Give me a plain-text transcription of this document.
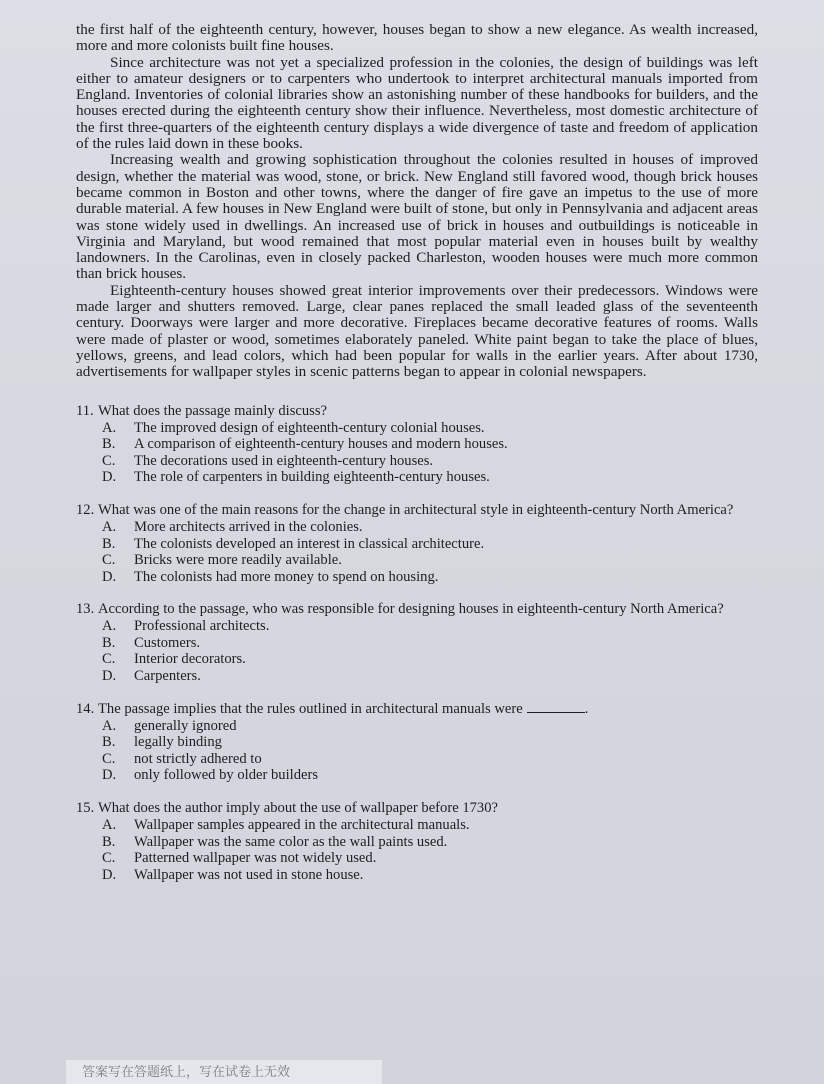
the first half of the eighteenth century, however, houses began to show a new elegance. As wealth increased, more and more colonists built fine houses.

Since architecture was not yet a specialized profession in the colonies, the design of buildings was left either to amateur designers or to carpenters who undertook to interpret architectural manuals imported from England. Inventories of colonial libraries show an astonishing number of these handbooks for builders, and the houses erected during the eighteenth century show their influence. Nevertheless, most domestic architecture of the first three-quarters of the eighteenth century displays a wide divergence of taste and freedom of application of the rules laid down in these books.

Increasing wealth and growing sophistication throughout the colonies resulted in houses of improved design, whether the material was wood, stone, or brick. New England still favored wood, though brick houses became common in Boston and other towns, where the danger of fire gave an impetus to the use of more durable material. A few houses in New England were built of stone, but only in Pennsylvania and adjacent areas was stone widely used in dwellings. An increased use of brick in houses and outbuildings is noticeable in Virginia and Maryland, but wood remained that most popular material even in houses built by wealthy landowners. In the Carolinas, even in closely packed Charleston, wooden houses were much more common than brick houses.

Eighteenth-century houses showed great interior improvements over their predecessors. Windows were made larger and shutters removed. Large, clear panes replaced the small leaded glass of the seventeenth century. Doorways were larger and more decorative. Fireplaces became decorative features of rooms. Walls were made of plaster or wood, sometimes elaborately paneled. White paint began to take the place of blues, yellows, greens, and lead colors, which had been popular for walls in the earlier years. After about 1730, advertisements for wallpaper styles in scenic patterns began to appear in colonial newspapers.

11. What does the passage mainly discuss?
A. The improved design of eighteenth-century colonial houses.
B. A comparison of eighteenth-century houses and modern houses.
C. The decorations used in eighteenth-century houses.
D. The role of carpenters in building eighteenth-century houses.
12. What was one of the main reasons for the change in architectural style in eighteenth-century North America?
A. More architects arrived in the colonies.
B. The colonists developed an interest in classical architecture.
C. Bricks were more readily available.
D. The colonists had more money to spend on housing.
13. According to the passage, who was responsible for designing houses in eighteenth-century North America?
A. Professional architects.
B. Customers.
C. Interior decorators.
D. Carpenters.
14. The passage implies that the rules outlined in architectural manuals were	.
A. generally ignored
B. legally binding
C. not strictly adhered to
D. only followed by older builders
15. What does the author imply about the use of wallpaper before 1730?
A. Wallpaper samples appeared in the architectural manuals.
B. Wallpaper was the same color as the wall paints used.
C. Patterned wallpaper was not widely used.
D. Wallpaper was not used in stone house.
答案写在答题纸上，写在试卷上无效
